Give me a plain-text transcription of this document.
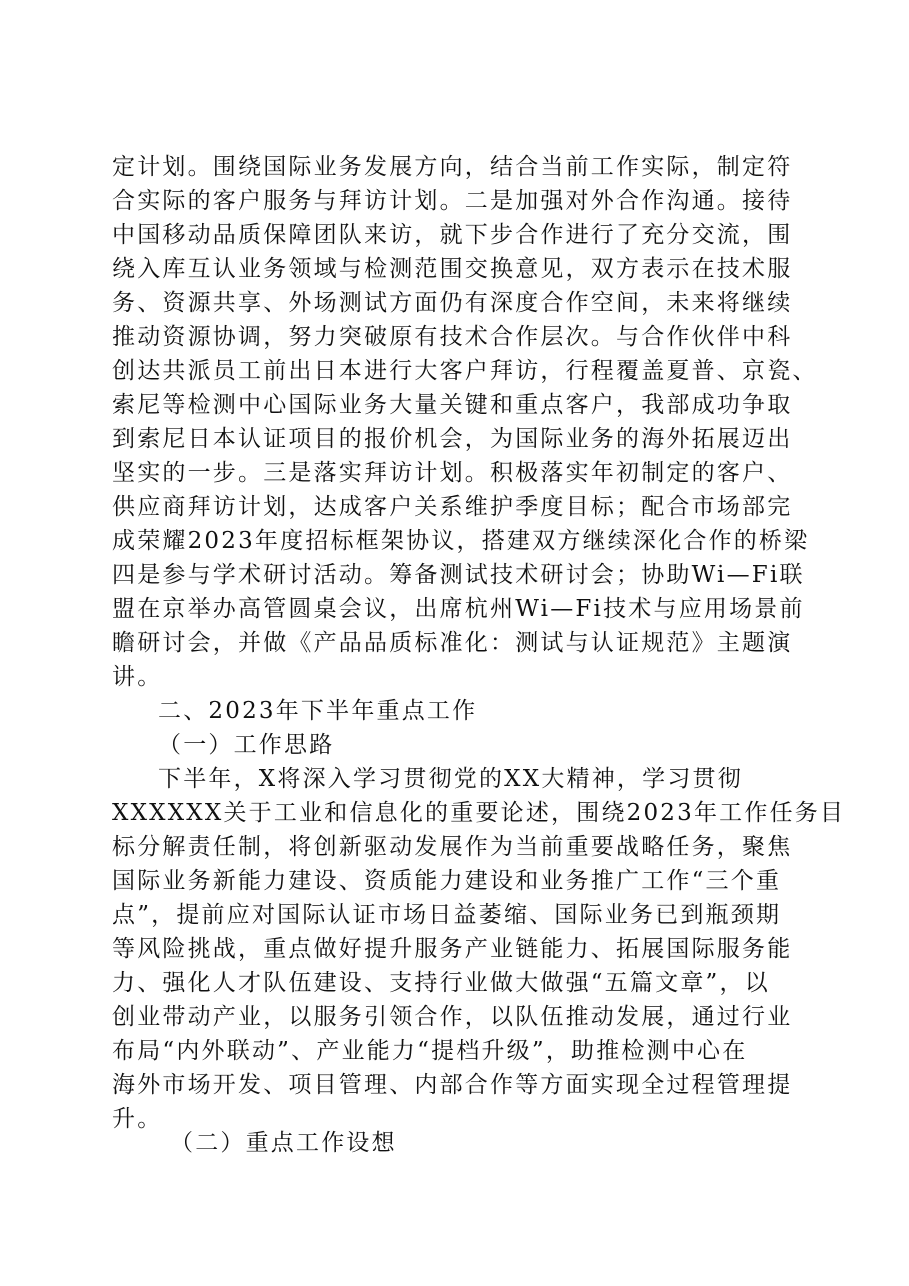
定计划。围绕国际业务发展方向，结合当前工作实际，制定符
合实际的客户服务与拜访计划。二是加强对外合作沟通。接待
中国移动品质保障团队来访，就下步合作进行了充分交流，围
绕入库互认业务领域与检测范围交换意见，双方表示在技术服
务、资源共享、外场测试方面仍有深度合作空间，未来将继续
推动资源协调，努力突破原有技术合作层次。与合作伙伴中科
创达共派员工前出日本进行大客户拜访，行程覆盖夏普、京瓷、
索尼等检测中心国际业务大量关键和重点客户，我部成功争取
到索尼日本认证项目的报价机会，为国际业务的海外拓展迈出
坚实的一步。三是落实拜访计划。积极落实年初制定的客户、
供应商拜访计划，达成客户关系维护季度目标；配合市场部完
成荣耀2023年度招标框架协议，搭建双方继续深化合作的桥梁
四是参与学术研讨活动。筹备测试技术研讨会；协助Wi—Fi联
盟在京举办高管圆桌会议，出席杭州Wi—Fi技术与应用场景前
瞻研讨会，并做《产品品质标准化：测试与认证规范》主题演
讲。
二、2023年下半年重点工作
（一）工作思路
下半年，X将深入学习贯彻党的XX大精神，学习贯彻
XXXXXX关于工业和信息化的重要论述，围绕2023年工作任务目
标分解责任制，将创新驱动发展作为当前重要战略任务，聚焦
国际业务新能力建设、资质能力建设和业务推广工作“三个重
点”，提前应对国际认证市场日益萎缩、国际业务已到瓶颈期
等风险挑战，重点做好提升服务产业链能力、拓展国际服务能
力、强化人才队伍建设、支持行业做大做强“五篇文章”，以
创业带动产业，以服务引领合作，以队伍推动发展，通过行业
布局“内外联动”、产业能力“提档升级”，助推检测中心在
海外市场开发、项目管理、内部合作等方面实现全过程管理提
升。
（二）重点工作设想
